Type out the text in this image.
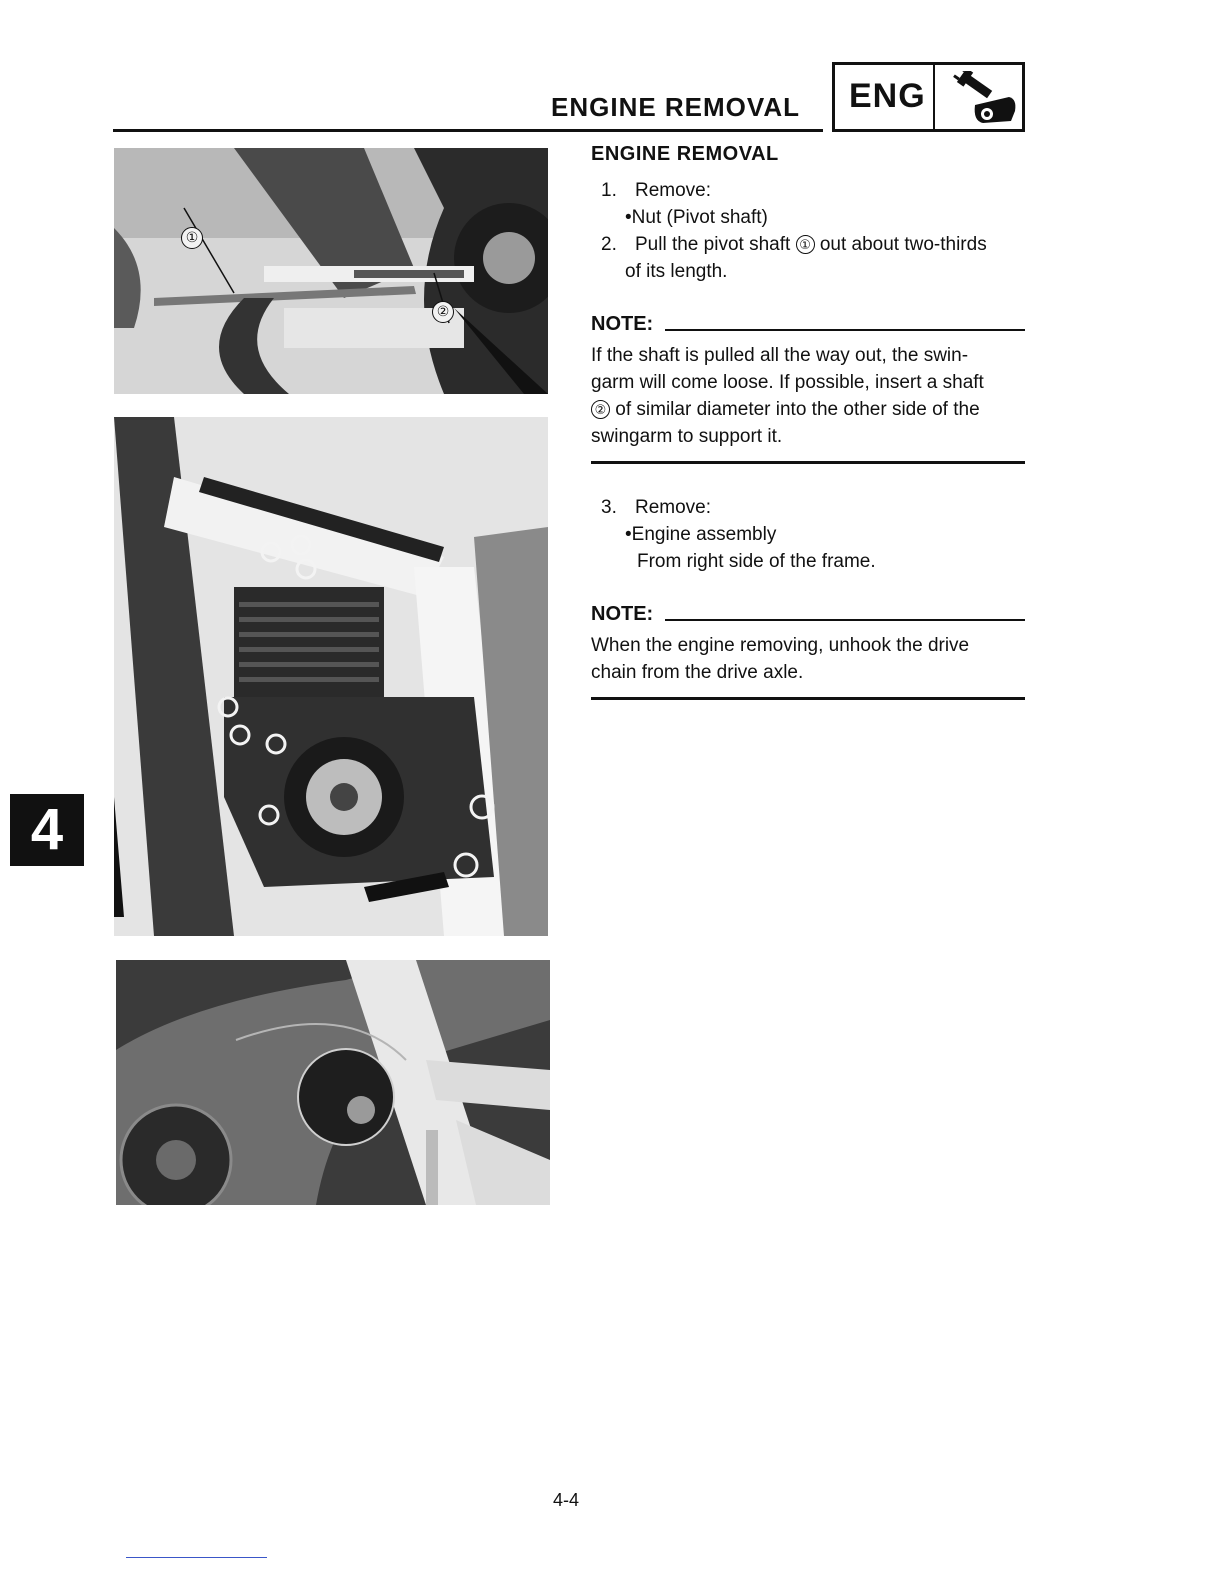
ENGINE REMOVAL ENG
①
②
ENGINE REMOVAL
1. Remove:
•Nut (Pivot shaft)
2. Pull the pivot shaft ① out about two-thirds
of its length.
NOTE:
If the shaft is pulled all the way out, the swin-
garm will come loose. If possible, insert a shaft
② of similar diameter into the other side of the
swingarm to support it.
3. Remove:
•Engine assembly
From right side of the frame.
NOTE:
When the engine removing, unhook the drive
chain from the drive axle.
4
4-4
